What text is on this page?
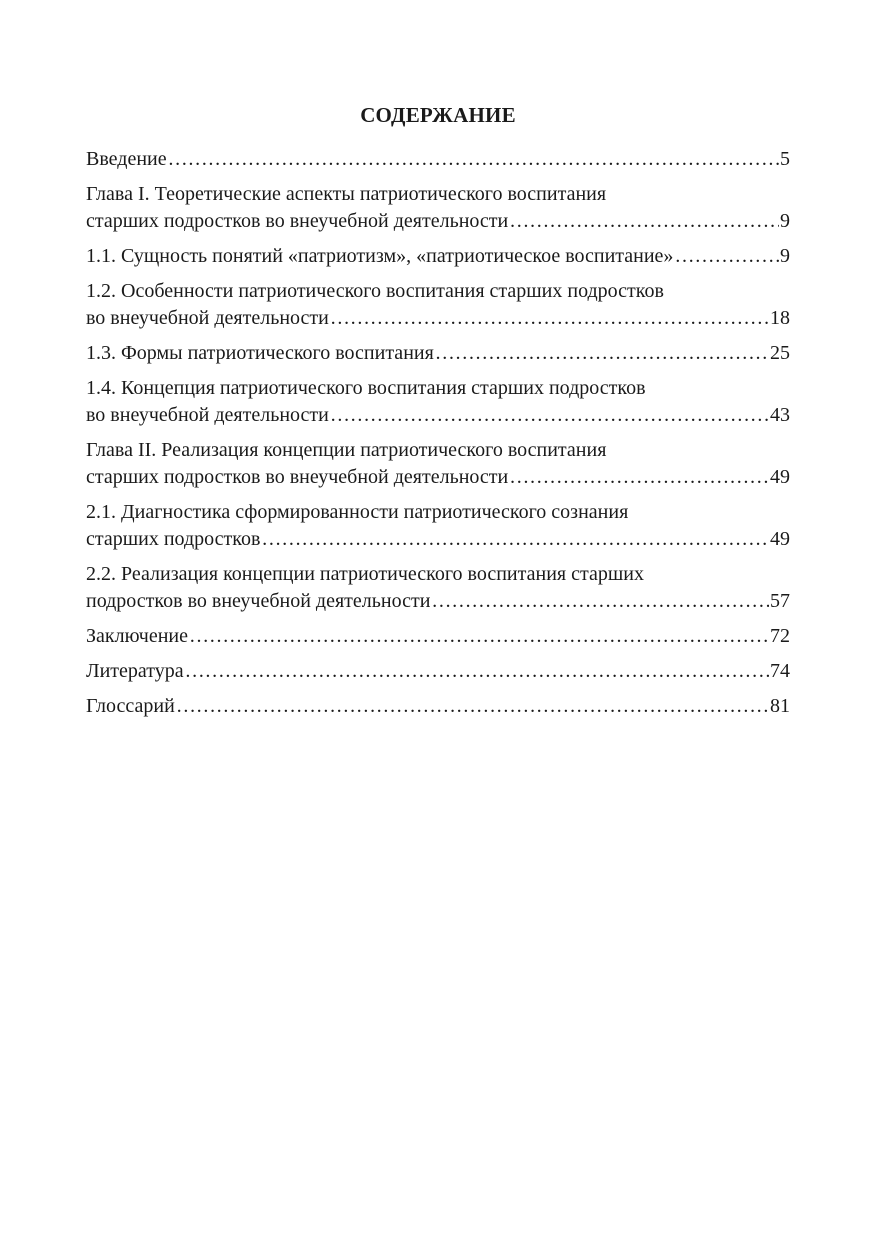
СОДЕРЖАНИЕ
Введение …………………………………………………………………………………………………………………………………………………………………………………	5
Глава I. Теоретические аспекты патриотического воспитания
старших подростков во внеучебной деятельности …………………………………………………………………………………………………………………………………………………………………………………	9
1.1. Сущность понятий «патриотизм», «патриотическое воспитание» …………………………………………………………………………………………………………………………………………………………………………………	9
1.2. Особенности патриотического воспитания старших подростков
во внеучебной деятельности …………………………………………………………………………………………………………………………………………………………………………………	18
1.3. Формы патриотического воспитания …………………………………………………………………………………………………………………………………………………………………………………	25
1.4. Концепция патриотического воспитания старших подростков
во внеучебной деятельности …………………………………………………………………………………………………………………………………………………………………………………	43
Глава II. Реализация концепции патриотического воспитания
старших подростков во внеучебной деятельности …………………………………………………………………………………………………………………………………………………………………………………	49
2.1. Диагностика сформированности патриотического сознания
старших подростков …………………………………………………………………………………………………………………………………………………………………………………	49
2.2. Реализация концепции патриотического воспитания старших
подростков во внеучебной деятельности …………………………………………………………………………………………………………………………………………………………………………………	57
Заключение …………………………………………………………………………………………………………………………………………………………………………………	72
Литература …………………………………………………………………………………………………………………………………………………………………………………	74
Глоссарий …………………………………………………………………………………………………………………………………………………………………………………	81
